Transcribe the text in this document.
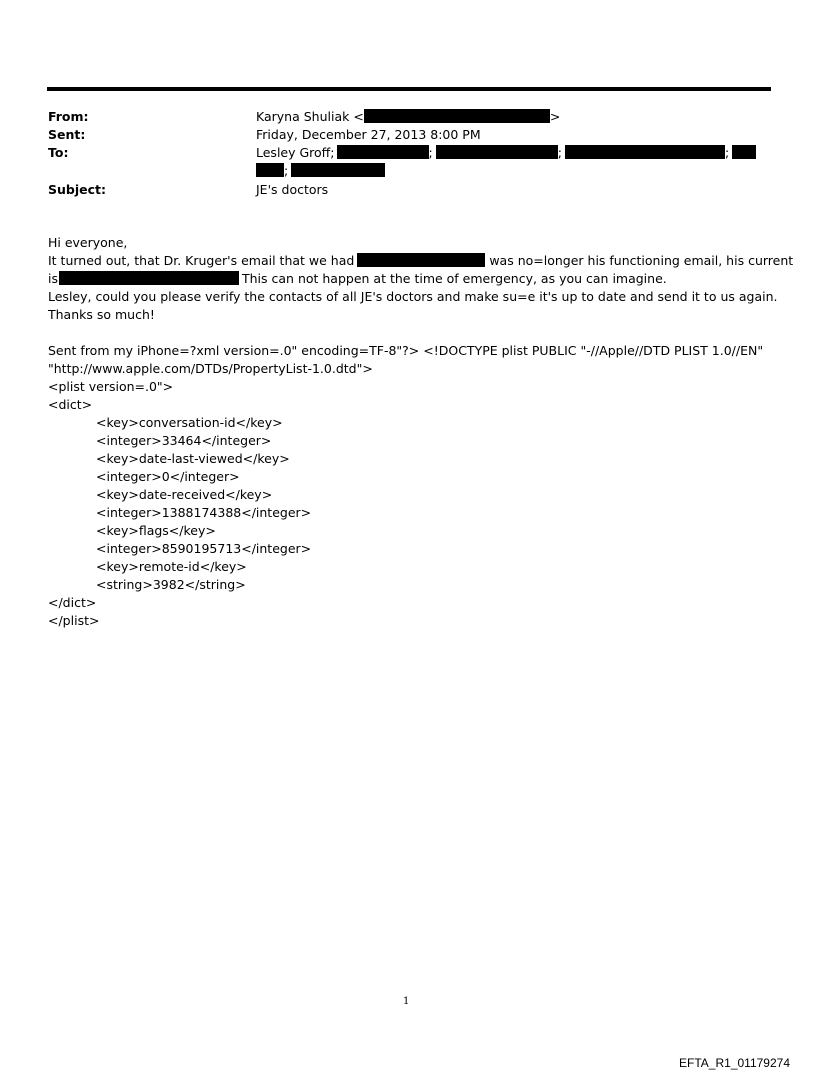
From:	Karyna Shuliak <	>
Sent:	Friday, December 27, 2013 8:00 PM
To:	Lesley Groff;	;	;	;
;
Subject:	JE's doctors
Hi everyone,
It turned out, that Dr. Kruger's email that we had	was no=longer his functioning email, his current
is	This can not happen at the time of emergency, as you can imagine.
Lesley, could you please verify the contacts of all JE's doctors and make su=e it's up to date and send it to us again.
Thanks so much!
Sent from my iPhone=?xml version=.0" encoding=TF-8"?> <!DOCTYPE plist PUBLIC "-//Apple//DTD PLIST 1.0//EN"
"http://www.apple.com/DTDs/PropertyList-1.0.dtd">
<plist version=.0">
<dict>
<key>conversation-id</key>
<integer>33464</integer>
<key>date-last-viewed</key>
<integer>0</integer>
<key>date-received</key>
<integer>1388174388</integer>
<key>flags</key>
<integer>8590195713</integer>
<key>remote-id</key>
<string>3982</string>
</dict>
</plist>
1
EFTA_R1_01179274
